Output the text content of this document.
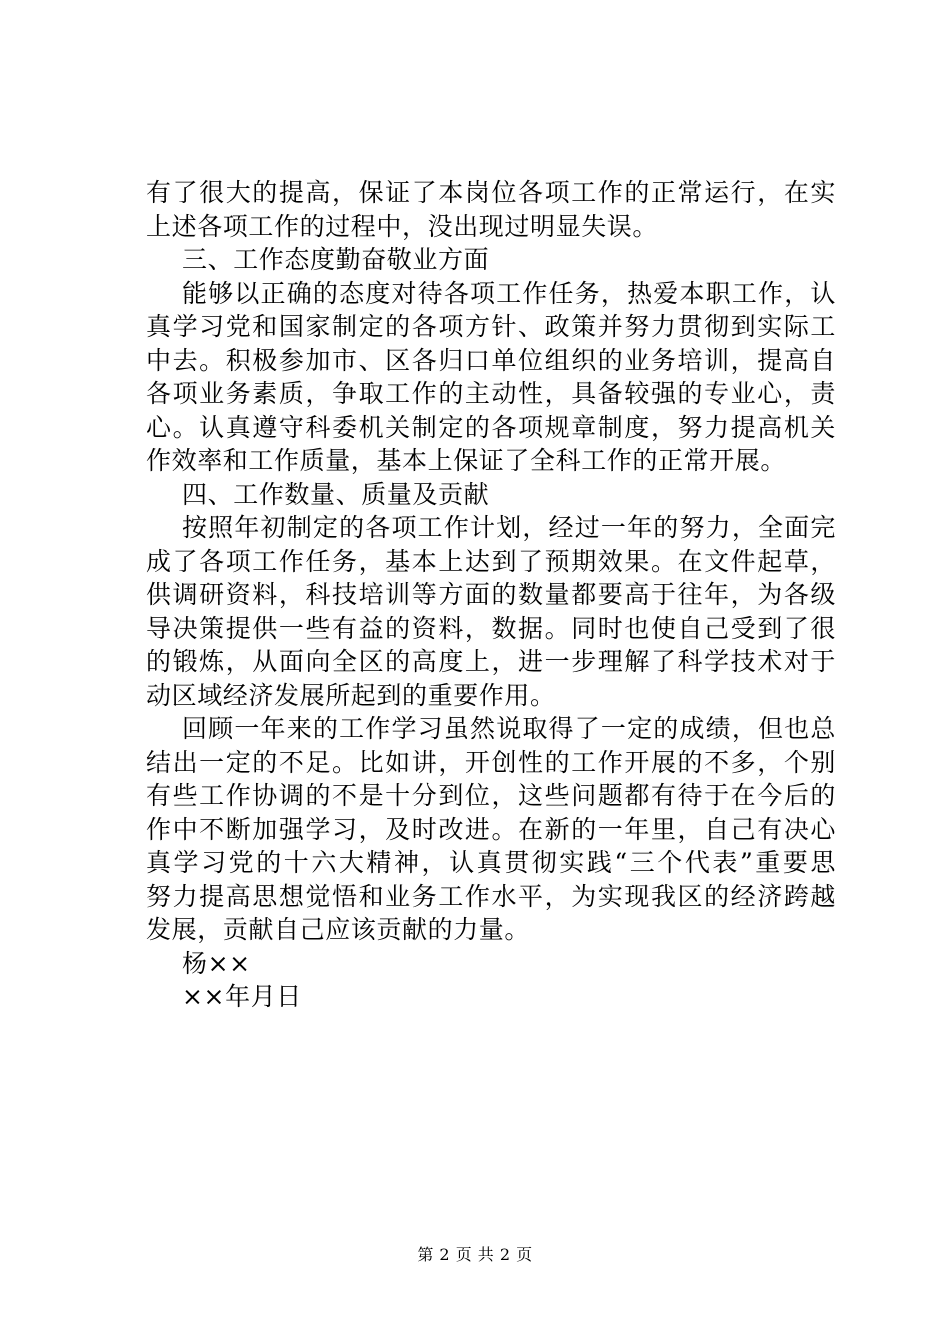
有了很大的提高，保证了本岗位各项工作的正常运行，在实
上述各项工作的过程中，没出现过明显失误。
三、工作态度勤奋敬业方面
能够以正确的态度对待各项工作任务，热爱本职工作，认
真学习党和国家制定的各项方针、政策并努力贯彻到实际工
中去。积极参加市、区各归口单位组织的业务培训，提高自
各项业务素质，争取工作的主动性，具备较强的专业心，责
心。认真遵守科委机关制定的各项规章制度，努力提高机关
作效率和工作质量，基本上保证了全科工作的正常开展。
四、工作数量、质量及贡献
按照年初制定的各项工作计划，经过一年的努力，全面完
成了各项工作任务，基本上达到了预期效果。在文件起草，
供调研资料，科技培训等方面的数量都要高于往年，为各级
导决策提供一些有益的资料，数据。同时也使自己受到了很
的锻炼，从面向全区的高度上，进一步理解了科学技术对于
动区域经济发展所起到的重要作用。
回顾一年来的工作学习虽然说取得了一定的成绩，但也总
结出一定的不足。比如讲，开创性的工作开展的不多，个别
有些工作协调的不是十分到位，这些问题都有待于在今后的
作中不断加强学习，及时改进。在新的一年里，自己有决心
真学习党的十六大精神，认真贯彻实践“三个代表”重要思
努力提高思想觉悟和业务工作水平，为实现我区的经济跨越
发展，贡献自己应该贡献的力量。
杨××
××年月日
第 2 页 共 2 页
